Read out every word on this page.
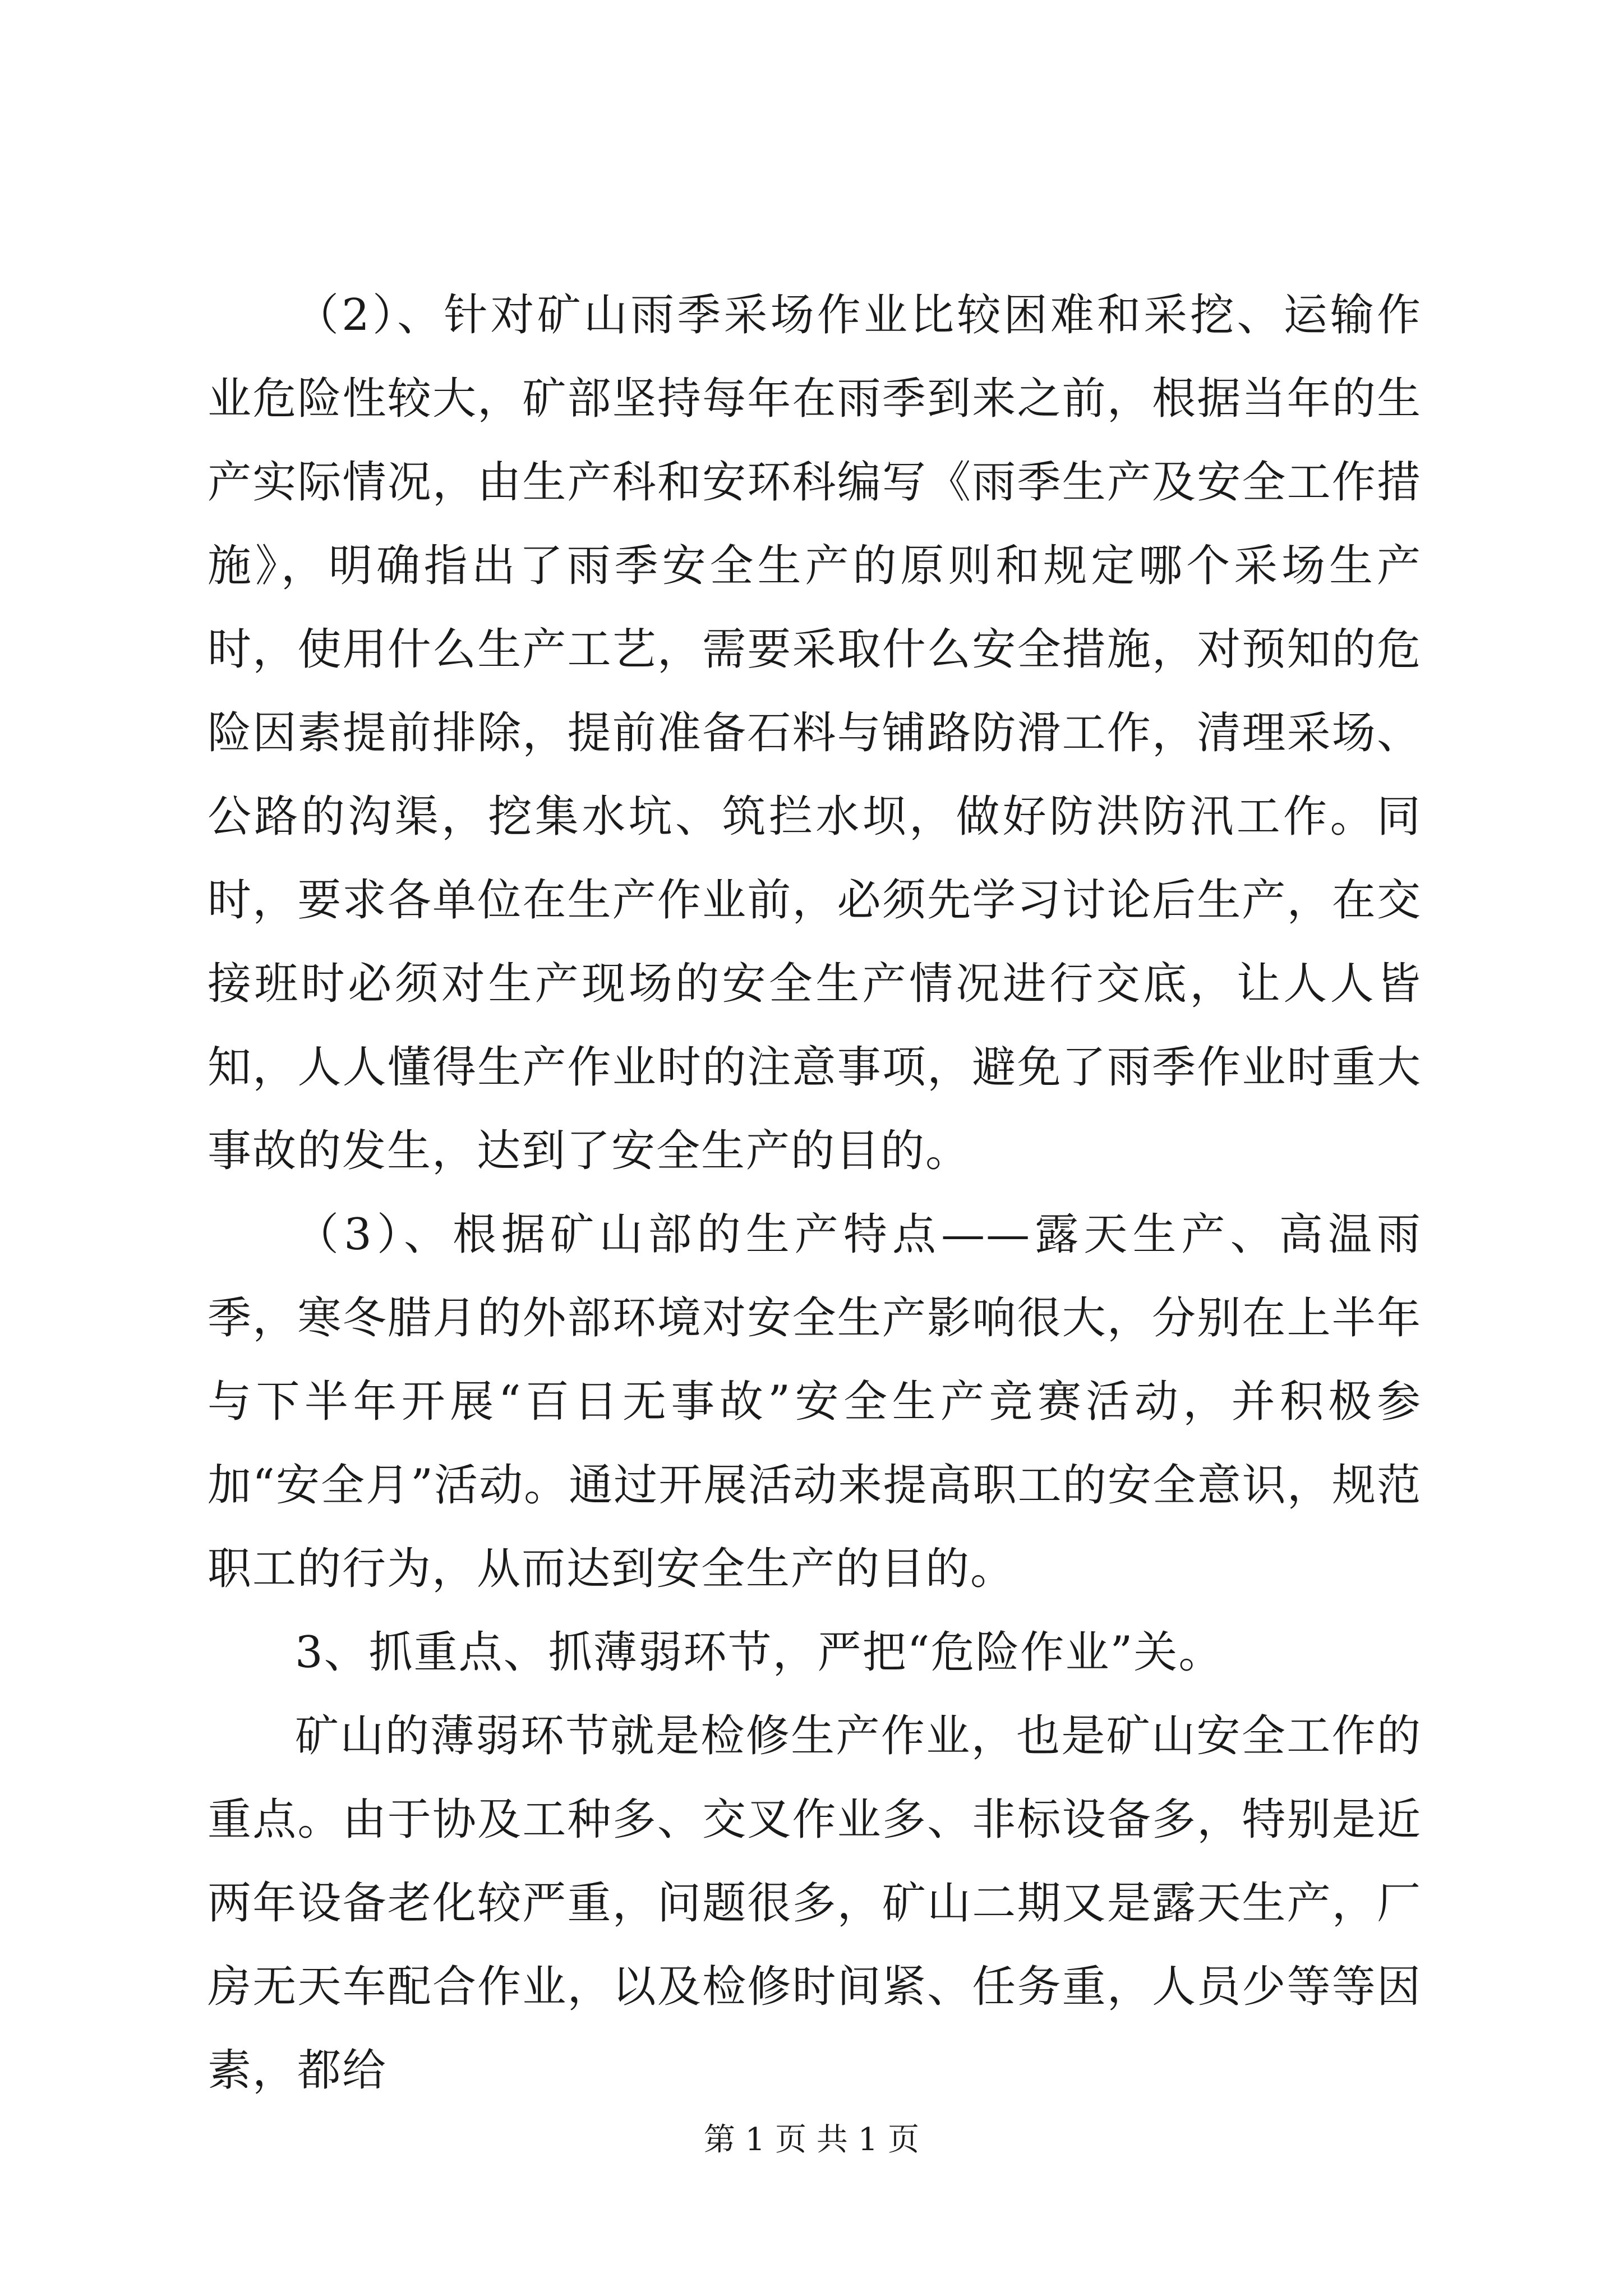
（2）、针对矿山雨季采场作业比较困难和采挖、运输作业危险性较大，矿部坚持每年在雨季到来之前，根据当年的生产实际情况，由生产科和安环科编写《雨季生产及安全工作措施》，明确指出了雨季安全生产的原则和规定哪个采场生产时，使用什么生产工艺，需要采取什么安全措施，对预知的危险因素提前排除，提前准备石料与铺路防滑工作，清理采场、公路的沟渠，挖集水坑、筑拦水坝，做好防洪防汛工作。同时，要求各单位在生产作业前，必须先学习讨论后生产，在交接班时必须对生产现场的安全生产情况进行交底，让人人皆知，人人懂得生产作业时的注意事项，避免了雨季作业时重大事故的发生，达到了安全生产的目的。

（3）、根据矿山部的生产特点——露天生产、高温雨季，寒冬腊月的外部环境对安全生产影响很大，分别在上半年与下半年开展“百日无事故”安全生产竞赛活动，并积极参加“安全月”活动。通过开展活动来提高职工的安全意识，规范职工的行为，从而达到安全生产的目的。

3、抓重点、抓薄弱环节，严把“危险作业”关。

矿山的薄弱环节就是检修生产作业，也是矿山安全工作的重点。由于协及工种多、交叉作业多、非标设备多，特别是近两年设备老化较严重，问题很多，矿山二期又是露天生产，厂房无天车配合作业，以及检修时间紧、任务重，人员少等等因素，都给

第 1 页 共 1 页
